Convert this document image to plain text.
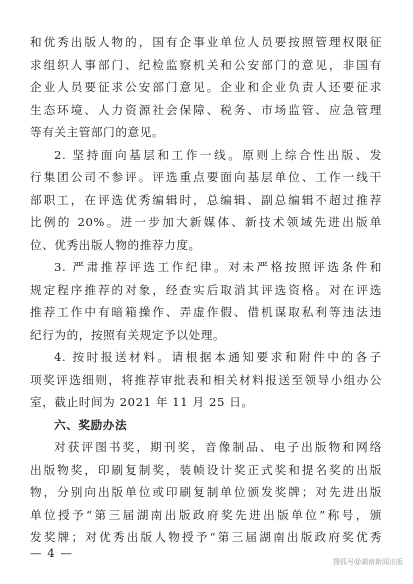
和优秀出版人物的，国有企事业单位人员要按照管理权限征
求组织人事部门、纪检监察机关和公安部门的意见，非国有
企业人员要征求公安部门意见。企业和企业负责人还要征求
生态环境、人力资源社会保障、税务、市场监管、应急管理
等有关主管部门的意见。
2. 坚持面向基层和工作一线。原则上综合性出版、发
行集团公司不参评。评选重点要面向基层单位、工作一线干
部职工，在评选优秀编辑时，总编辑、副总编辑不超过推荐
比例的 20%。进一步加大新媒体、新技术领域先进出版单
位、优秀出版人物的推荐力度。
3. 严肃推荐评选工作纪律。对未严格按照评选条件和
规定程序推荐的对象，经查实后取消其评选资格。对在评选
推荐工作中有暗箱操作、弄虚作假、借机谋取私利等违法违
纪行为的，按照有关规定予以处理。
4. 按时报送材料。请根据本通知要求和附件中的各子
项奖评选细则，将推荐审批表和相关材料报送至领导小组办公
室，截止时间为 2021 年 11 月 25 日。
六、奖励办法
对获评图书奖，期刊奖，音像制品、电子出版物和网络
出版物奖，印刷复制奖，装帧设计奖正式奖和提名奖的出版
物，分别向出版单位或印刷复制单位颁发奖牌；对先进出版
单位授予“第三届湖南出版政府奖先进出版单位”称号，颁
发奖牌；对优秀出版人物授予“第三届湖南出版政府奖优秀
— 4 —
搜狐号@湖南新闻出版
